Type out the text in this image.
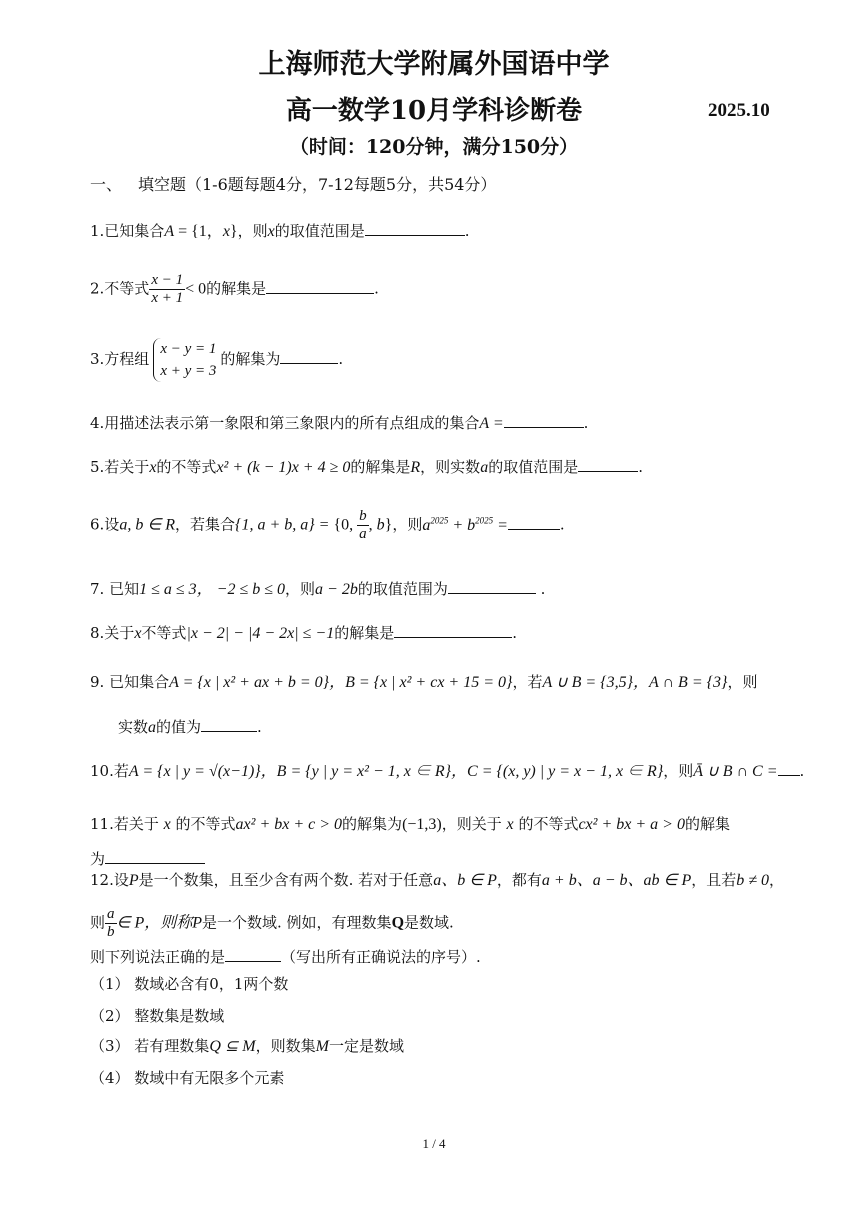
上海师范大学附属外国语中学
高一数学10月学科诊断卷	2025.10
（时间：120分钟，满分150分）
一、 填空题（1-6题每题4分，7-12每题5分，共54分）
1.已知集合A = {1，x}，则x的取值范围是	.
2.不等式 $\frac{x - 1}{x + 1} < 0$的解集是	.
3.方程组x − y = 1
x + y = 3的解集为	.
4.用描述法表示第一象限和第三象限内的所有点组成的集合A =	.
5.若关于x的不等式x² + (k − 1)x + 4 ≥ 0的解集是R，则实数a的取值范围是	.
6.设a, b ∈ R，若集合{1, a + b, a} = {0, $\frac{b}{a}$ , b}，则$a^{2025} + b^{2025}$ =	.
7. 已知1 ≤ a ≤ 3， −2 ≤ b ≤ 0，则a − 2b的取值范围为	.
8.关于x不等式|x − 2| − |4 − 2x| ≤ −1的解集是	.
9. 已知集合A = {x | x² + ax + b = 0}，B = {x | x² + cx + 15 = 0}，若A ∪ B = {3,5}，A ∩ B = {3}，则
实数a的值为	.
10.若A = {x | y = √(x−1)}，B = {y | y = x² − 1, x ∈ R}，C = {(x, y) | y = x − 1, x ∈ R}，则Ā ∪ B ∩ C = .
11.若关于 x 的不等式ax² + bx + c > 0的解集为(−1,3)，则关于 x 的不等式cx² + bx + a > 0的解集
为
12.设P是一个数集，且至少含有两个数. 若对于任意a、b ∈ P，都有a + b、a − b、ab ∈ P，且若b ≠ 0，
则 $\frac{a}{b}$ ∈ P，则称P是一个数域. 例如，有理数集Q是数域.
则下列说法正确的是	（写出所有正确说法的序号）.
（1） 数域必含有0，1两个数
（2） 整数集是数域
（3） 若有理数集Q ⊆ M，则数集M一定是数域
（4） 数域中有无限多个元素
1 / 4
